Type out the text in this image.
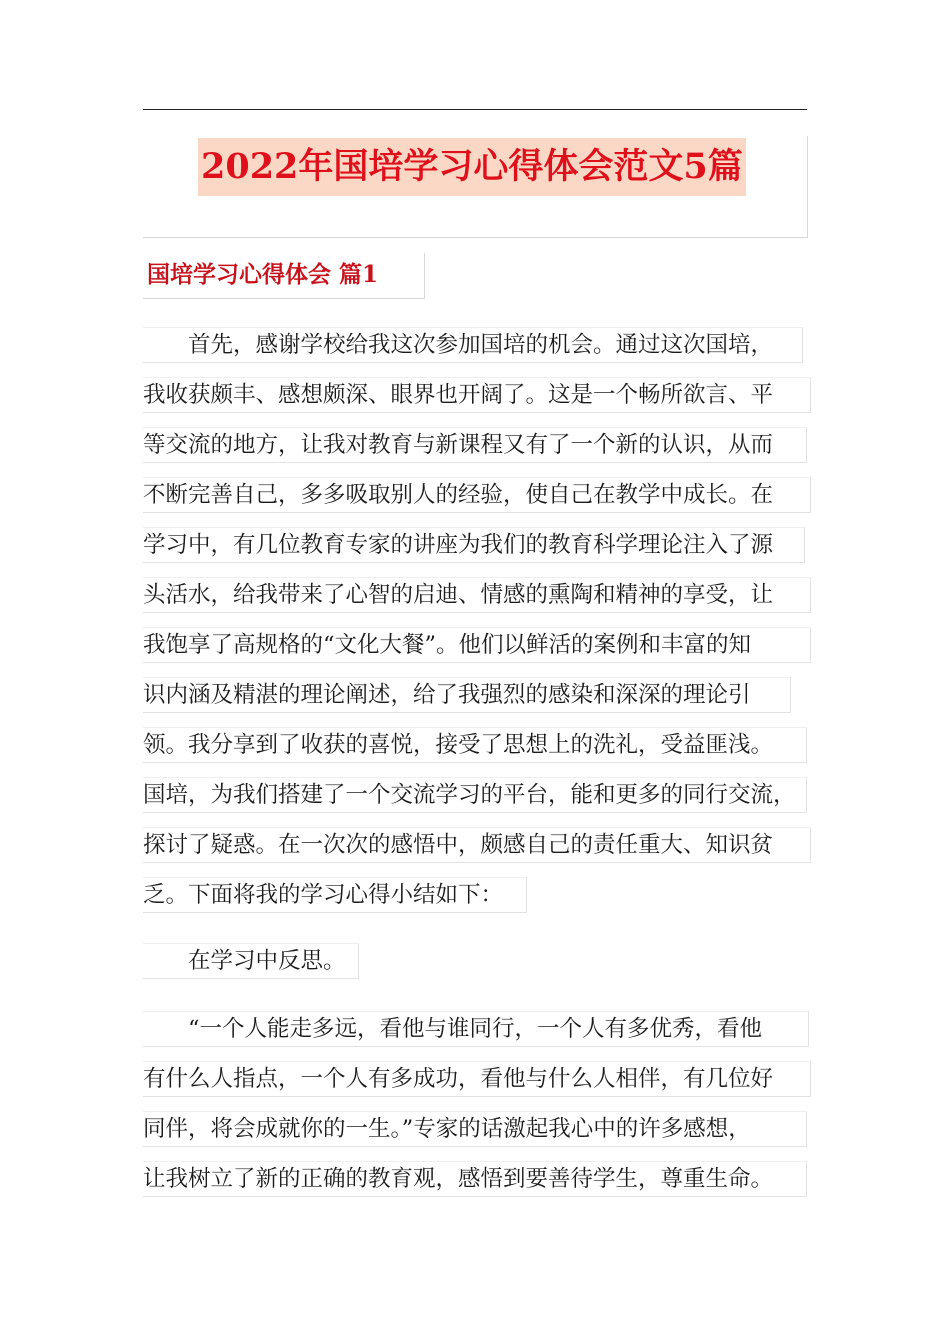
2022年国培学习心得体会范文5篇
国培学习心得体会 篇1
　　首先，感谢学校给我这次参加国培的机会。通过这次国培，
我收获颇丰、感想颇深、眼界也开阔了。这是一个畅所欲言、平
等交流的地方，让我对教育与新课程又有了一个新的认识，从而
不断完善自己，多多吸取别人的经验，使自己在教学中成长。在
学习中，有几位教育专家的讲座为我们的教育科学理论注入了源
头活水，给我带来了心智的启迪、情感的熏陶和精神的享受，让
我饱享了高规格的“文化大餐”。他们以鲜活的案例和丰富的知
识内涵及精湛的理论阐述，给了我强烈的感染和深深的理论引
领。我分享到了收获的喜悦，接受了思想上的洗礼，受益匪浅。
国培，为我们搭建了一个交流学习的平台，能和更多的同行交流，
探讨了疑惑。在一次次的感悟中，颇感自己的责任重大、知识贫
乏。下面将我的学习心得小结如下：
　　在学习中反思。
　　“一个人能走多远，看他与谁同行，一个人有多优秀，看他
有什么人指点，一个人有多成功，看他与什么人相伴，有几位好
同伴，将会成就你的一生。”专家的话激起我心中的许多感想，
让我树立了新的正确的教育观，感悟到要善待学生，尊重生命。
